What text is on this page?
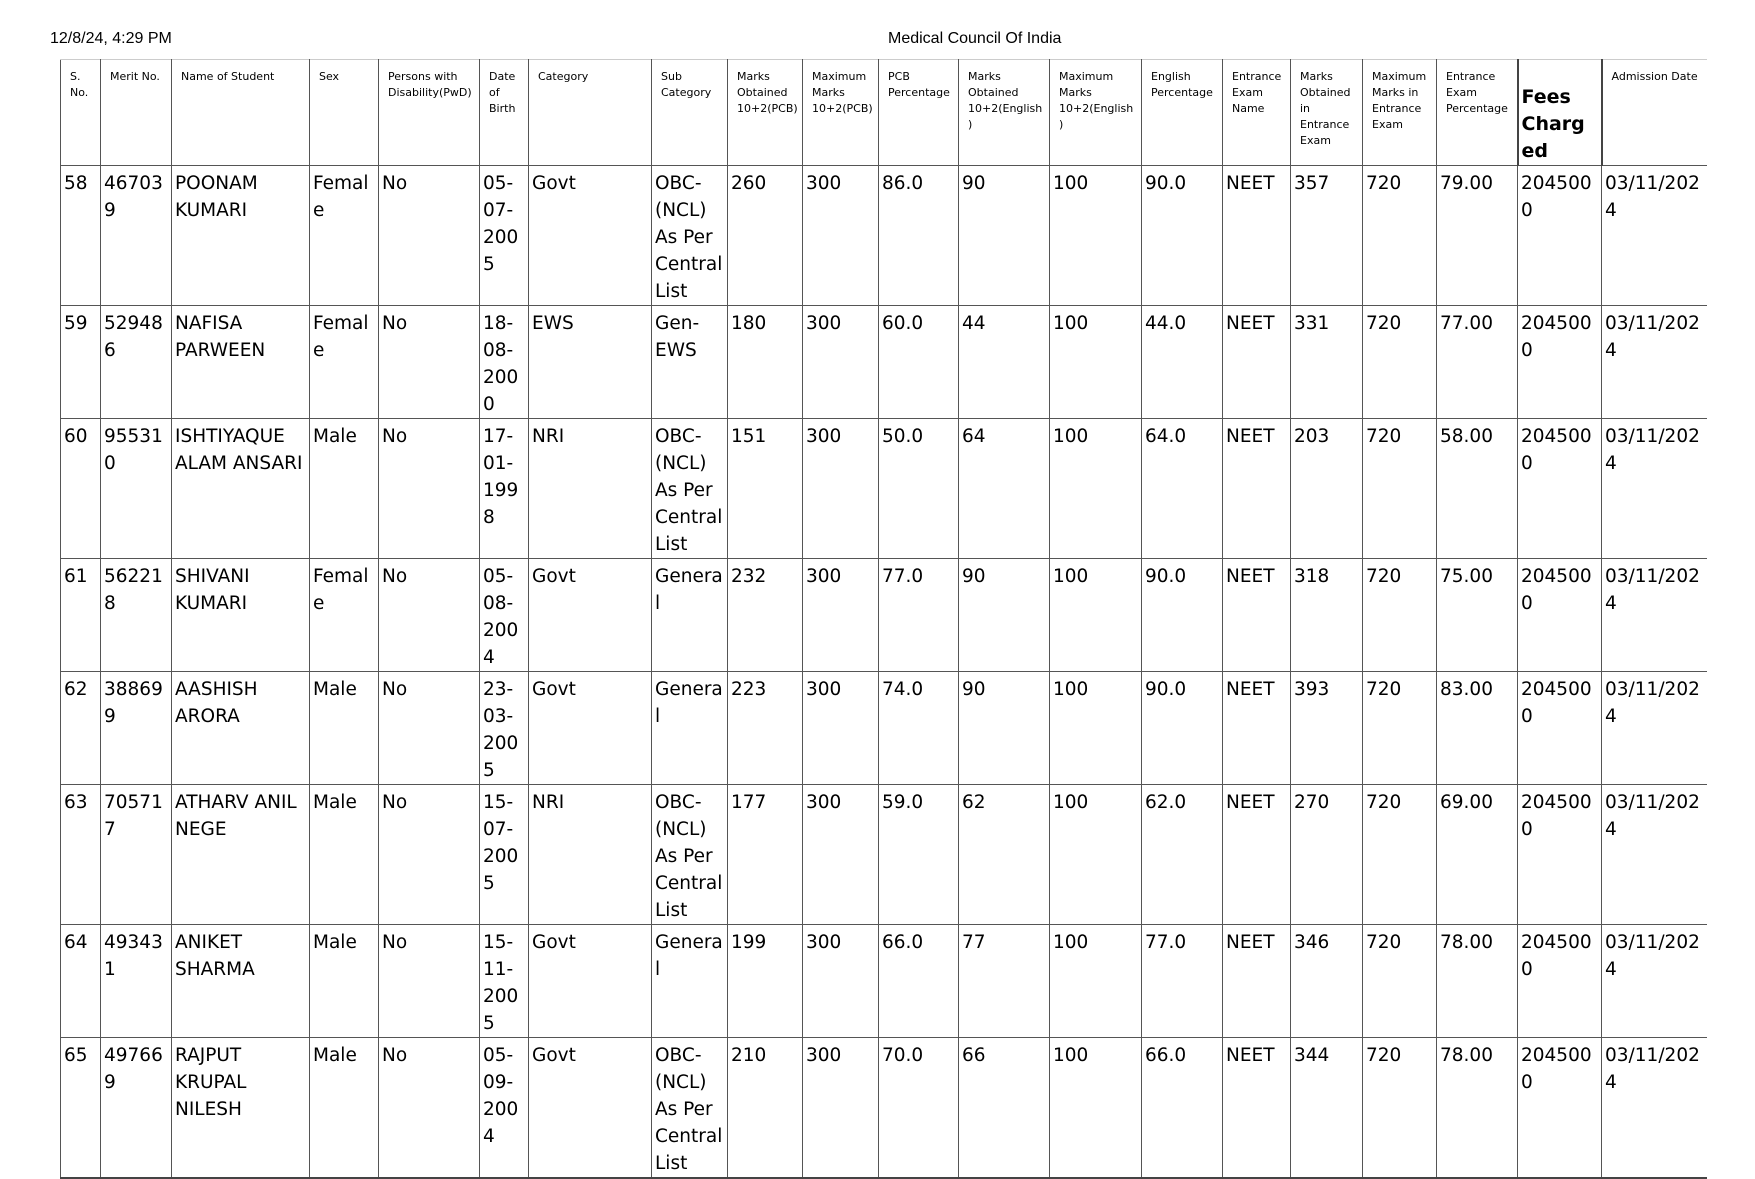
12/8/24, 4:29 PM	Medical Council Of India
S. No.	Merit No.	Name of Student	Sex	Persons with Disability(PwD)	Date of Birth	Category	Sub Category	Marks Obtained 10+2(PCB)	Maximum Marks 10+2(PCB)	PCB Percentage	Marks Obtained 10+2(English)	Maximum Marks 10+2(English)	English Percentage	Entrance Exam Name	Marks Obtained in Entrance Exam	Maximum Marks in Entrance Exam	Entrance Exam Percentage	Fees Charged	Admission Date
58	467039	POONAM KUMARI	Female	No	05-07-2005	Govt	OBC-(NCL) As Per Central List	260	300	86.0	90	100	90.0	NEET	357	720	79.00	2045000	03/11/2024
59	529486	NAFISA PARWEEN	Female	No	18-08-2000	EWS	Gen-EWS	180	300	60.0	44	100	44.0	NEET	331	720	77.00	2045000	03/11/2024
60	955310	ISHTIYAQUE ALAM ANSARI	Male	No	17-01-1998	NRI	OBC-(NCL) As Per Central List	151	300	50.0	64	100	64.0	NEET	203	720	58.00	2045000	03/11/2024
61	562218	SHIVANI KUMARI	Female	No	05-08-2004	Govt	General	232	300	77.0	90	100	90.0	NEET	318	720	75.00	2045000	03/11/2024
62	388699	AASHISH ARORA	Male	No	23-03-2005	Govt	General	223	300	74.0	90	100	90.0	NEET	393	720	83.00	2045000	03/11/2024
63	705717	ATHARV ANIL NEGE	Male	No	15-07-2005	NRI	OBC-(NCL) As Per Central List	177	300	59.0	62	100	62.0	NEET	270	720	69.00	2045000	03/11/2024
64	493431	ANIKET SHARMA	Male	No	15-11-2005	Govt	General	199	300	66.0	77	100	77.0	NEET	346	720	78.00	2045000	03/11/2024
65	497669	RAJPUT KRUPAL NILESH	Male	No	05-09-2004	Govt	OBC-(NCL) As Per Central List	210	300	70.0	66	100	66.0	NEET	344	720	78.00	2045000	03/11/2024
